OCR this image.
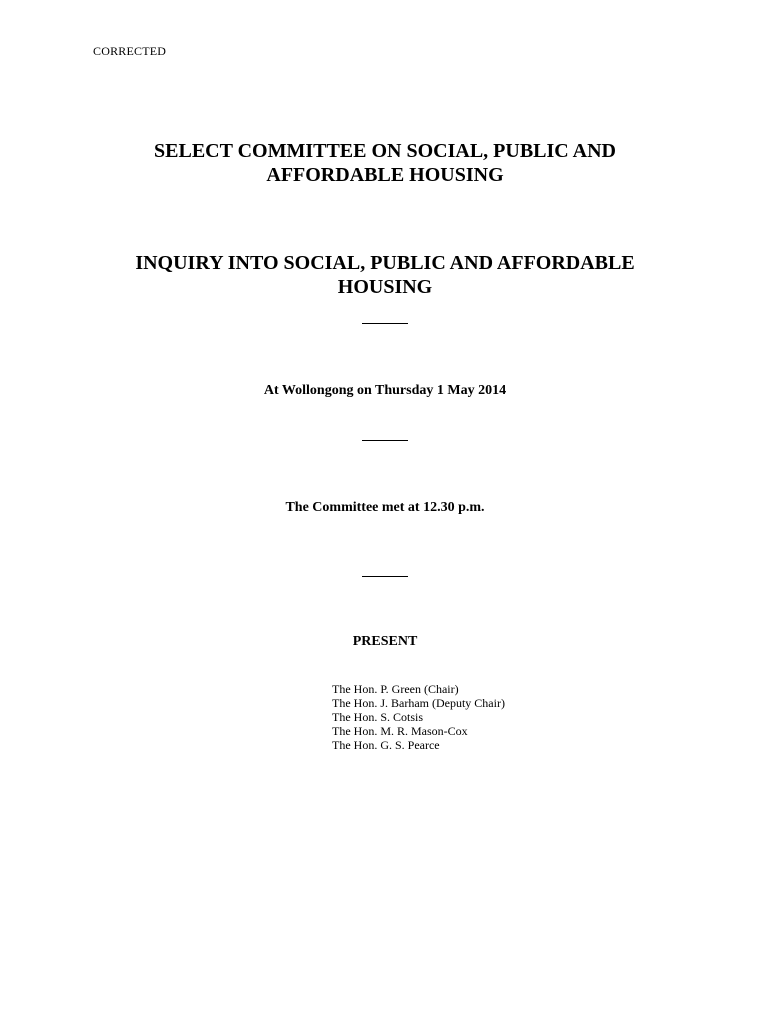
CORRECTED
SELECT COMMITTEE ON SOCIAL, PUBLIC AND
AFFORDABLE HOUSING
INQUIRY INTO SOCIAL, PUBLIC AND AFFORDABLE
HOUSING
At Wollongong on Thursday 1 May 2014
The Committee met at 12.30 p.m.
PRESENT
The Hon. P. Green (Chair)
The Hon. J. Barham (Deputy Chair)
The Hon. S. Cotsis
The Hon. M. R. Mason-Cox
The Hon. G. S. Pearce
